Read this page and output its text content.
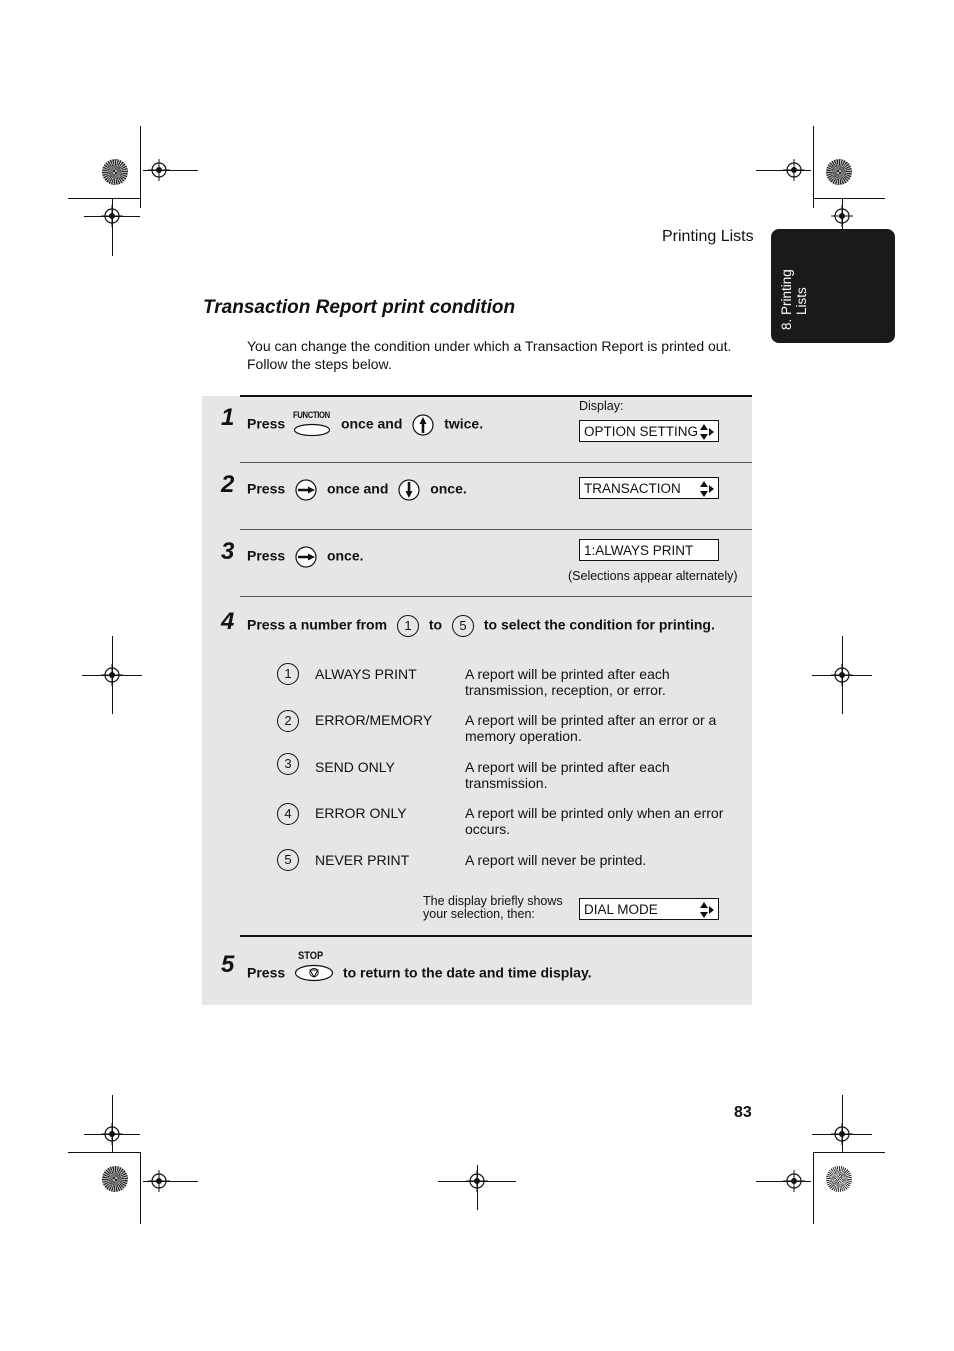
Printing Lists
8. Printing
Lists
Transaction Report print condition
You can change the condition under which a Transaction Report is printed out.
Follow the steps below.
1 Press
FUNCTION
once and	twice.
Display:
OPTION SETTING
2 Press	once and	once.	TRANSACTION
3 Press	once.	1:ALWAYS PRINT
(Selections appear alternately)
4 Press a number from 1 to 5 to select the condition for printing.
1	ALWAYS PRINT	A report will be printed after each
transmission, reception, or error.
2	ERROR/MEMORY A report will be printed after an error or a
memory operation.
3	SEND ONLY	A report will be printed after each
transmission.
4	ERROR ONLY	A report will be printed only when an error
occurs.
5	NEVER PRINT	A report will never be printed.
The display briefly shows
your selection, then:	DIAL MODE
5 Press
STOP
to return to the date and time display.
83
